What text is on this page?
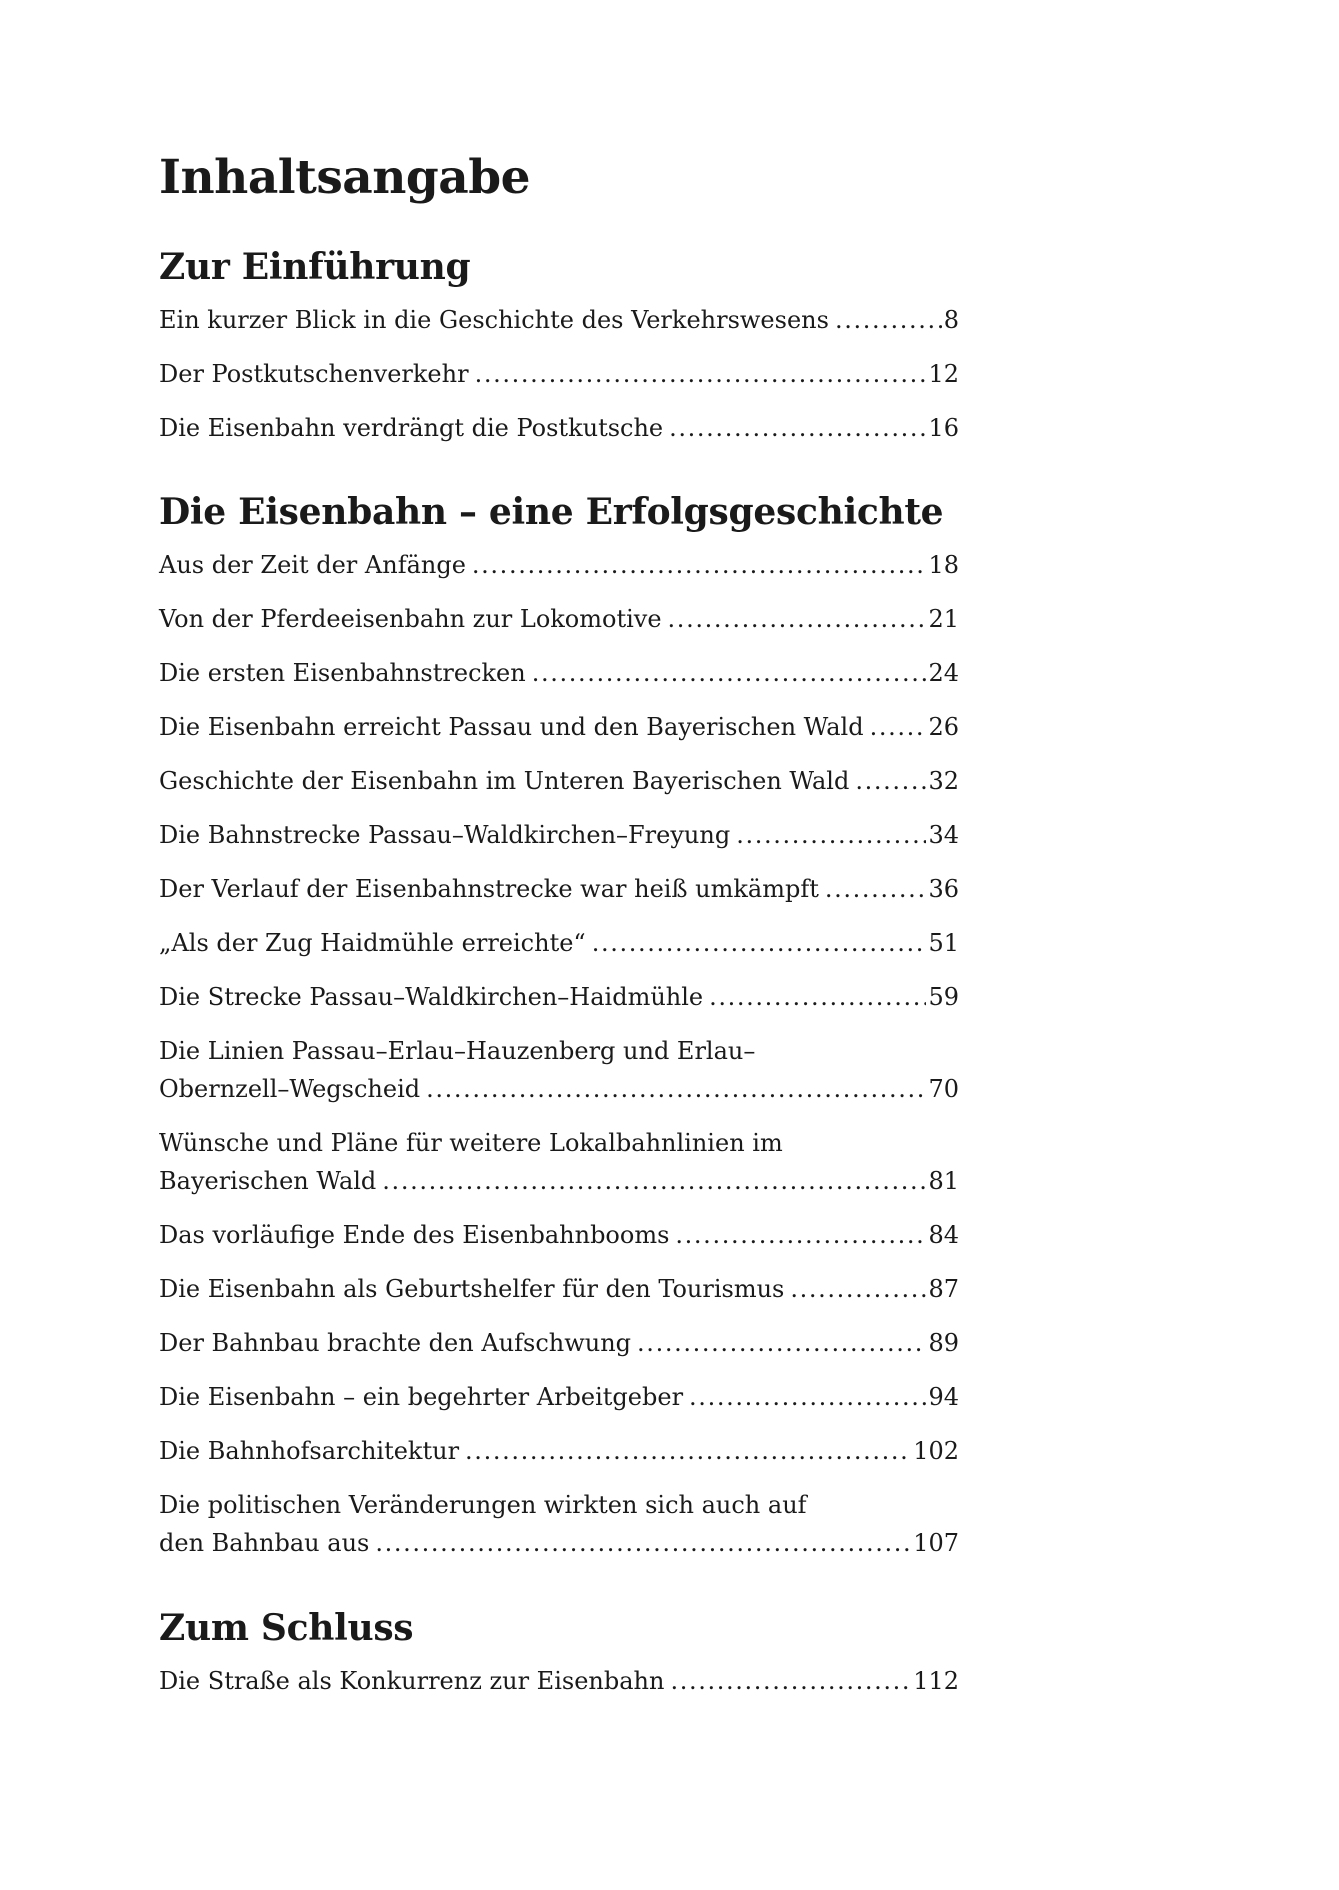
Inhaltsangabe
Zur Einführung
Ein kurzer Blick in die Geschichte des Verkehrswesens . . .	8
Der Postkutschenverkehr . . .	12
Die Eisenbahn verdrängt die Postkutsche . . .	16
Die Eisenbahn – eine Erfolgsgeschichte
Aus der Zeit der Anfänge . . .	18
Von der Pferdeeisenbahn zur Lokomotive . . .	21
Die ersten Eisenbahnstrecken . . .	24
Die Eisenbahn erreicht Passau und den Bayerischen Wald . . .	26
Geschichte der Eisenbahn im Unteren Bayerischen Wald . . .	32
Die Bahnstrecke Passau–Waldkirchen–Freyung . . .	34
Der Verlauf der Eisenbahnstrecke war heiß umkämpft . . .	36
„Als der Zug Haidmühle erreichte“ . . .	51
Die Strecke Passau–Waldkirchen–Haidmühle . . .	59
Die Linien Passau–Erlau–Hauzenberg und Erlau–
Obernzell–Wegscheid . . .	70
Wünsche und Pläne für weitere Lokalbahnlinien im
Bayerischen Wald . . .	81
Das vorläufige Ende des Eisenbahnbooms . . .	84
Die Eisenbahn als Geburtshelfer für den Tourismus . . .	87
Der Bahnbau brachte den Aufschwung . . .	89
Die Eisenbahn – ein begehrter Arbeitgeber . . .	94
Die Bahnhofsarchitektur . . .	102
Die politischen Veränderungen wirkten sich auch auf
den Bahnbau aus . . .	107
Zum Schluss
Die Straße als Konkurrenz zur Eisenbahn . . .	112
